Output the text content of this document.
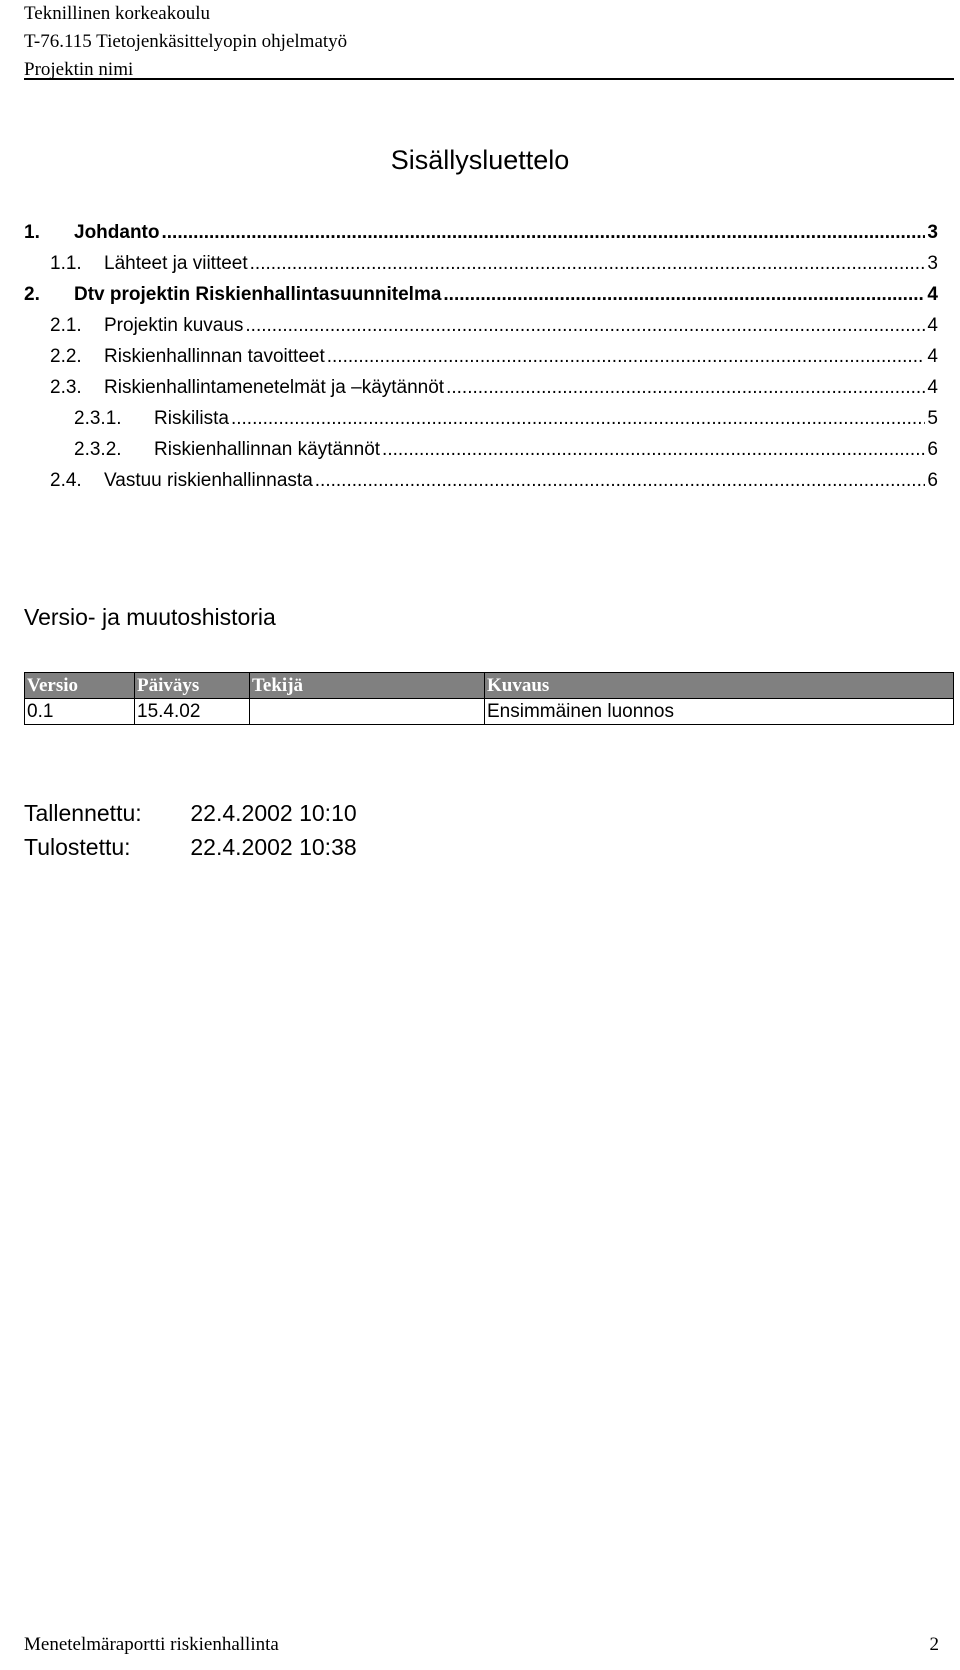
Teknillinen korkeakoulu
T-76.115 Tietojenkäsittelyopin ohjelmatyö
Projektin nimi
Sisällysluettelo
1.	Johdanto .....	3
1.1.	Lähteet ja viitteet .....	3
2.	Dtv projektin Riskienhallintasuunnitelma .....	4
2.1.	Projektin kuvaus .....	4
2.2.	Riskienhallinnan tavoitteet .....	4
2.3.	Riskienhallintamenetelmät ja –käytännöt .....	4
2.3.1.	Riskilista .....	5
2.3.2.	Riskienhallinnan käytännöt .....	6
2.4.	Vastuu riskienhallinnasta .....	6
Versio- ja muutoshistoria
Versio	Päiväys	Tekijä	Kuvaus
0.1	15.4.02		Ensimmäinen luonnos
Tallennettu: 22.4.2002 10:10
Tulostettu:	22.4.2002 10:38
Menetelmäraportti riskienhallinta	2
